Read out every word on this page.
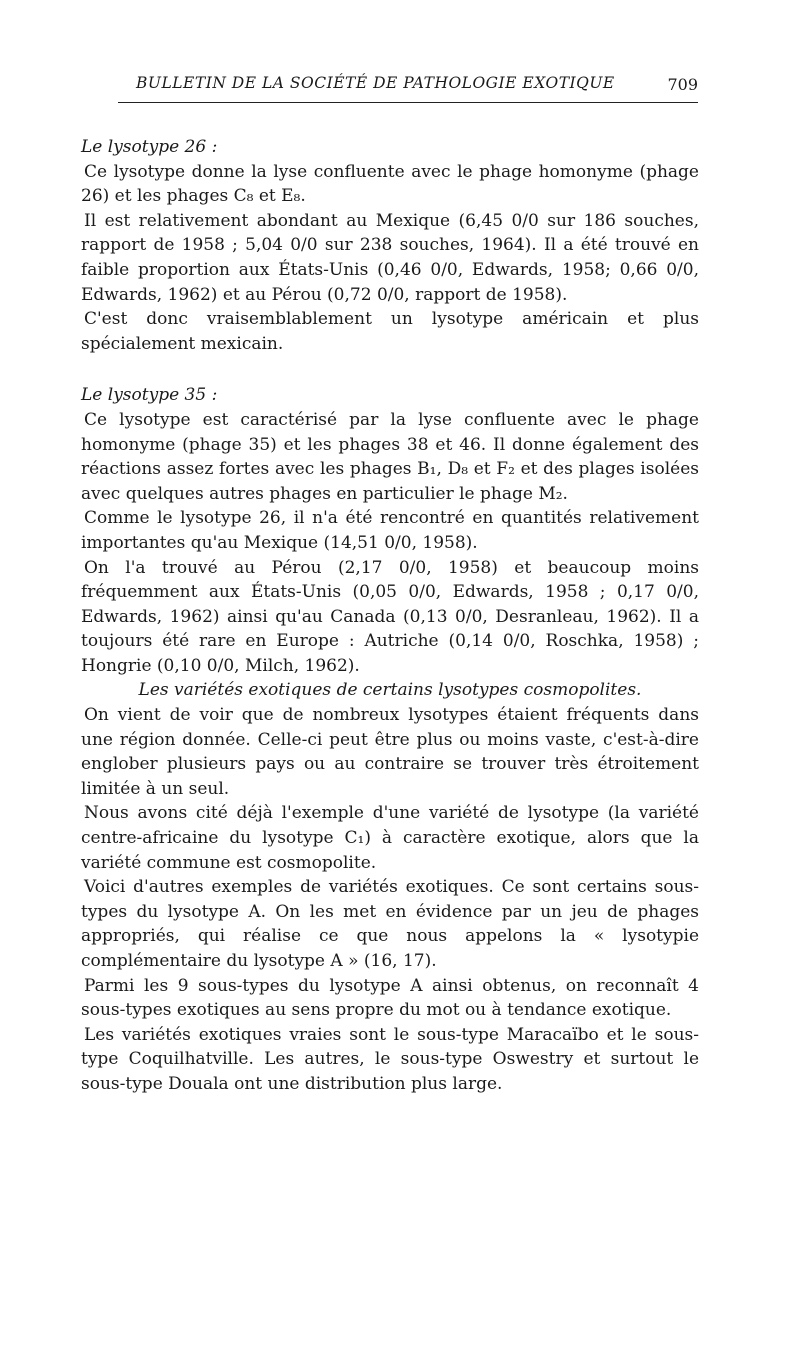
BULLETIN DE LA SOCIÉTÉ DE PATHOLOGIE EXOTIQUE	709

Le lysotype 26 :

Ce lysotype donne la lyse confluente avec le phage homonyme (phage 26) et les phages C₈ et E₈.

Il est relativement abondant au Mexique (6,45 0/0 sur 186 souches, rapport de 1958 ; 5,04 0/0 sur 238 souches, 1964). Il a été trouvé en faible proportion aux États-Unis (0,46 0/0, Edwards, 1958; 0,66 0/0, Edwards, 1962) et au Pérou (0,72 0/0, rapport de 1958).

C'est donc vraisemblablement un lysotype américain et plus spécialement mexicain.

Le lysotype 35 :

Ce lysotype est caractérisé par la lyse confluente avec le phage homonyme (phage 35) et les phages 38 et 46. Il donne également des réactions assez fortes avec les phages B₁, D₈ et F₂ et des plages isolées avec quelques autres phages en particulier le phage M₂.

Comme le lysotype 26, il n'a été rencontré en quantités relativement importantes qu'au Mexique (14,51 0/0, 1958).

On l'a trouvé au Pérou (2,17 0/0, 1958) et beaucoup moins fréquemment aux États-Unis (0,05 0/0, Edwards, 1958 ; 0,17 0/0, Edwards, 1962) ainsi qu'au Canada (0,13 0/0, Desranleau, 1962). Il a toujours été rare en Europe : Autriche (0,14 0/0, Roschka, 1958) ; Hongrie (0,10 0/0, Milch, 1962).

Les variétés exotiques de certains lysotypes cosmopolites.

On vient de voir que de nombreux lysotypes étaient fréquents dans une région donnée. Celle-ci peut être plus ou moins vaste, c'est-à-dire englober plusieurs pays ou au contraire se trouver très étroitement limitée à un seul.

Nous avons cité déjà l'exemple d'une variété de lysotype (la variété centre-africaine du lysotype C₁) à caractère exotique, alors que la variété commune est cosmopolite.

Voici d'autres exemples de variétés exotiques. Ce sont certains sous-types du lysotype A. On les met en évidence par un jeu de phages appropriés, qui réalise ce que nous appelons la « lysotypie complémentaire du lysotype A » (16, 17).

Parmi les 9 sous-types du lysotype A ainsi obtenus, on reconnaît 4 sous-types exotiques au sens propre du mot ou à tendance exotique.

Les variétés exotiques vraies sont le sous-type Maracaïbo et le sous-type Coquilhatville. Les autres, le sous-type Oswestry et surtout le sous-type Douala ont une distribution plus large.
